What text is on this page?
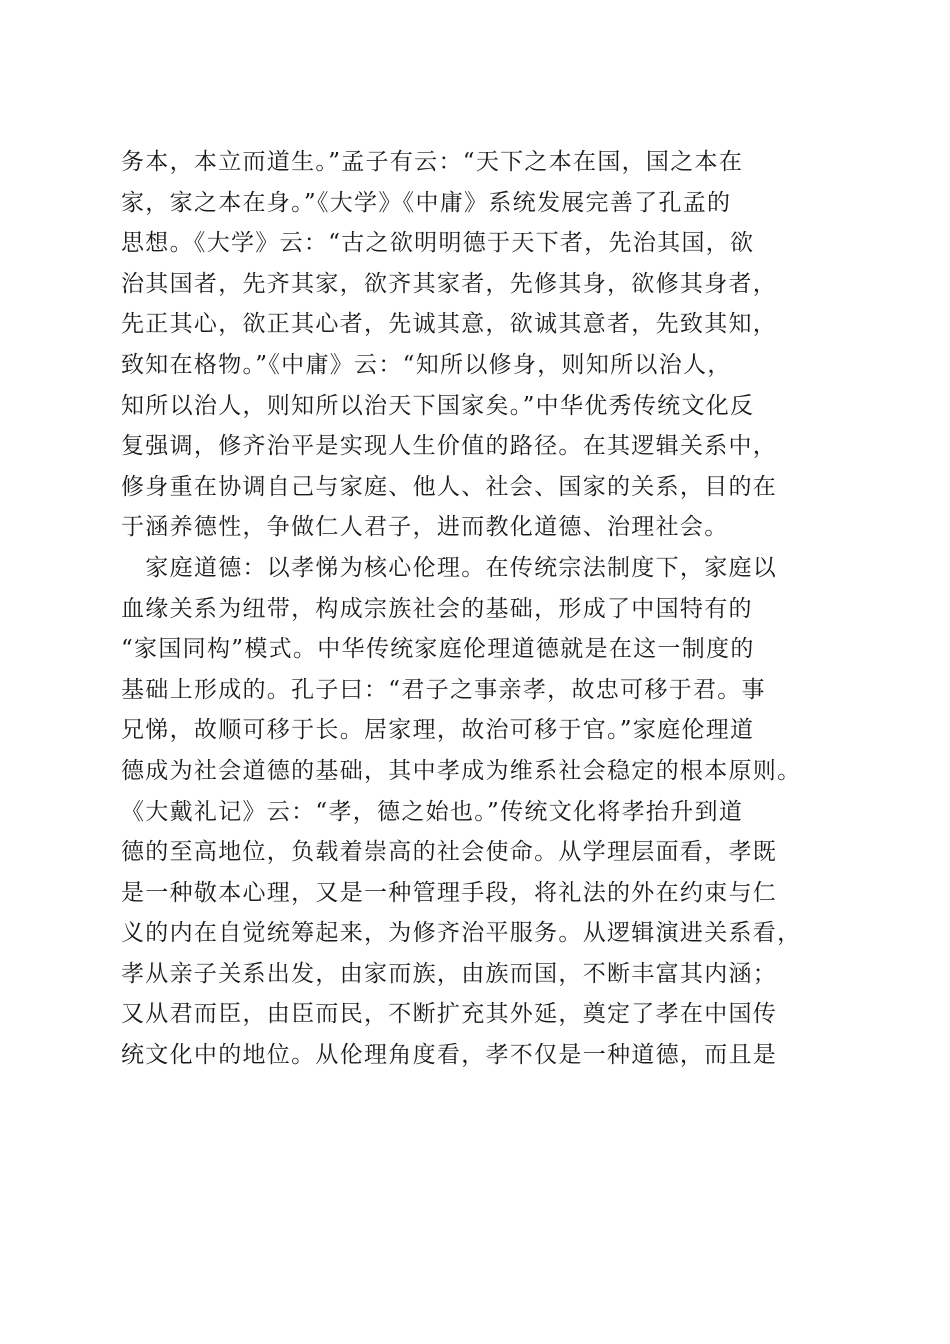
务本，本立而道生。”孟子有云：“天下之本在国，国之本在
家，家之本在身。”《大学》《中庸》系统发展完善了孔孟的
思想。《大学》云：“古之欲明明德于天下者，先治其国，欲
治其国者，先齐其家，欲齐其家者，先修其身，欲修其身者，
先正其心，欲正其心者，先诚其意，欲诚其意者，先致其知，
致知在格物。”《中庸》云：“知所以修身，则知所以治人，
知所以治人，则知所以治天下国家矣。”中华优秀传统文化反
复强调，修齐治平是实现人生价值的路径。在其逻辑关系中，
修身重在协调自己与家庭、他人、社会、国家的关系，目的在
于涵养德性，争做仁人君子，进而教化道德、治理社会。
　家庭道德：以孝悌为核心伦理。在传统宗法制度下，家庭以
血缘关系为纽带，构成宗族社会的基础，形成了中国特有的
“家国同构”模式。中华传统家庭伦理道德就是在这一制度的
基础上形成的。孔子曰：“君子之事亲孝，故忠可移于君。事
兄悌，故顺可移于长。居家理，故治可移于官。”家庭伦理道
德成为社会道德的基础，其中孝成为维系社会稳定的根本原则。
《大戴礼记》云：“孝，德之始也。”传统文化将孝抬升到道
德的至高地位，负载着崇高的社会使命。从学理层面看，孝既
是一种敬本心理，又是一种管理手段，将礼法的外在约束与仁
义的内在自觉统筹起来，为修齐治平服务。从逻辑演进关系看，
孝从亲子关系出发，由家而族，由族而国，不断丰富其内涵；
又从君而臣，由臣而民，不断扩充其外延，奠定了孝在中国传
统文化中的地位。从伦理角度看，孝不仅是一种道德，而且是
